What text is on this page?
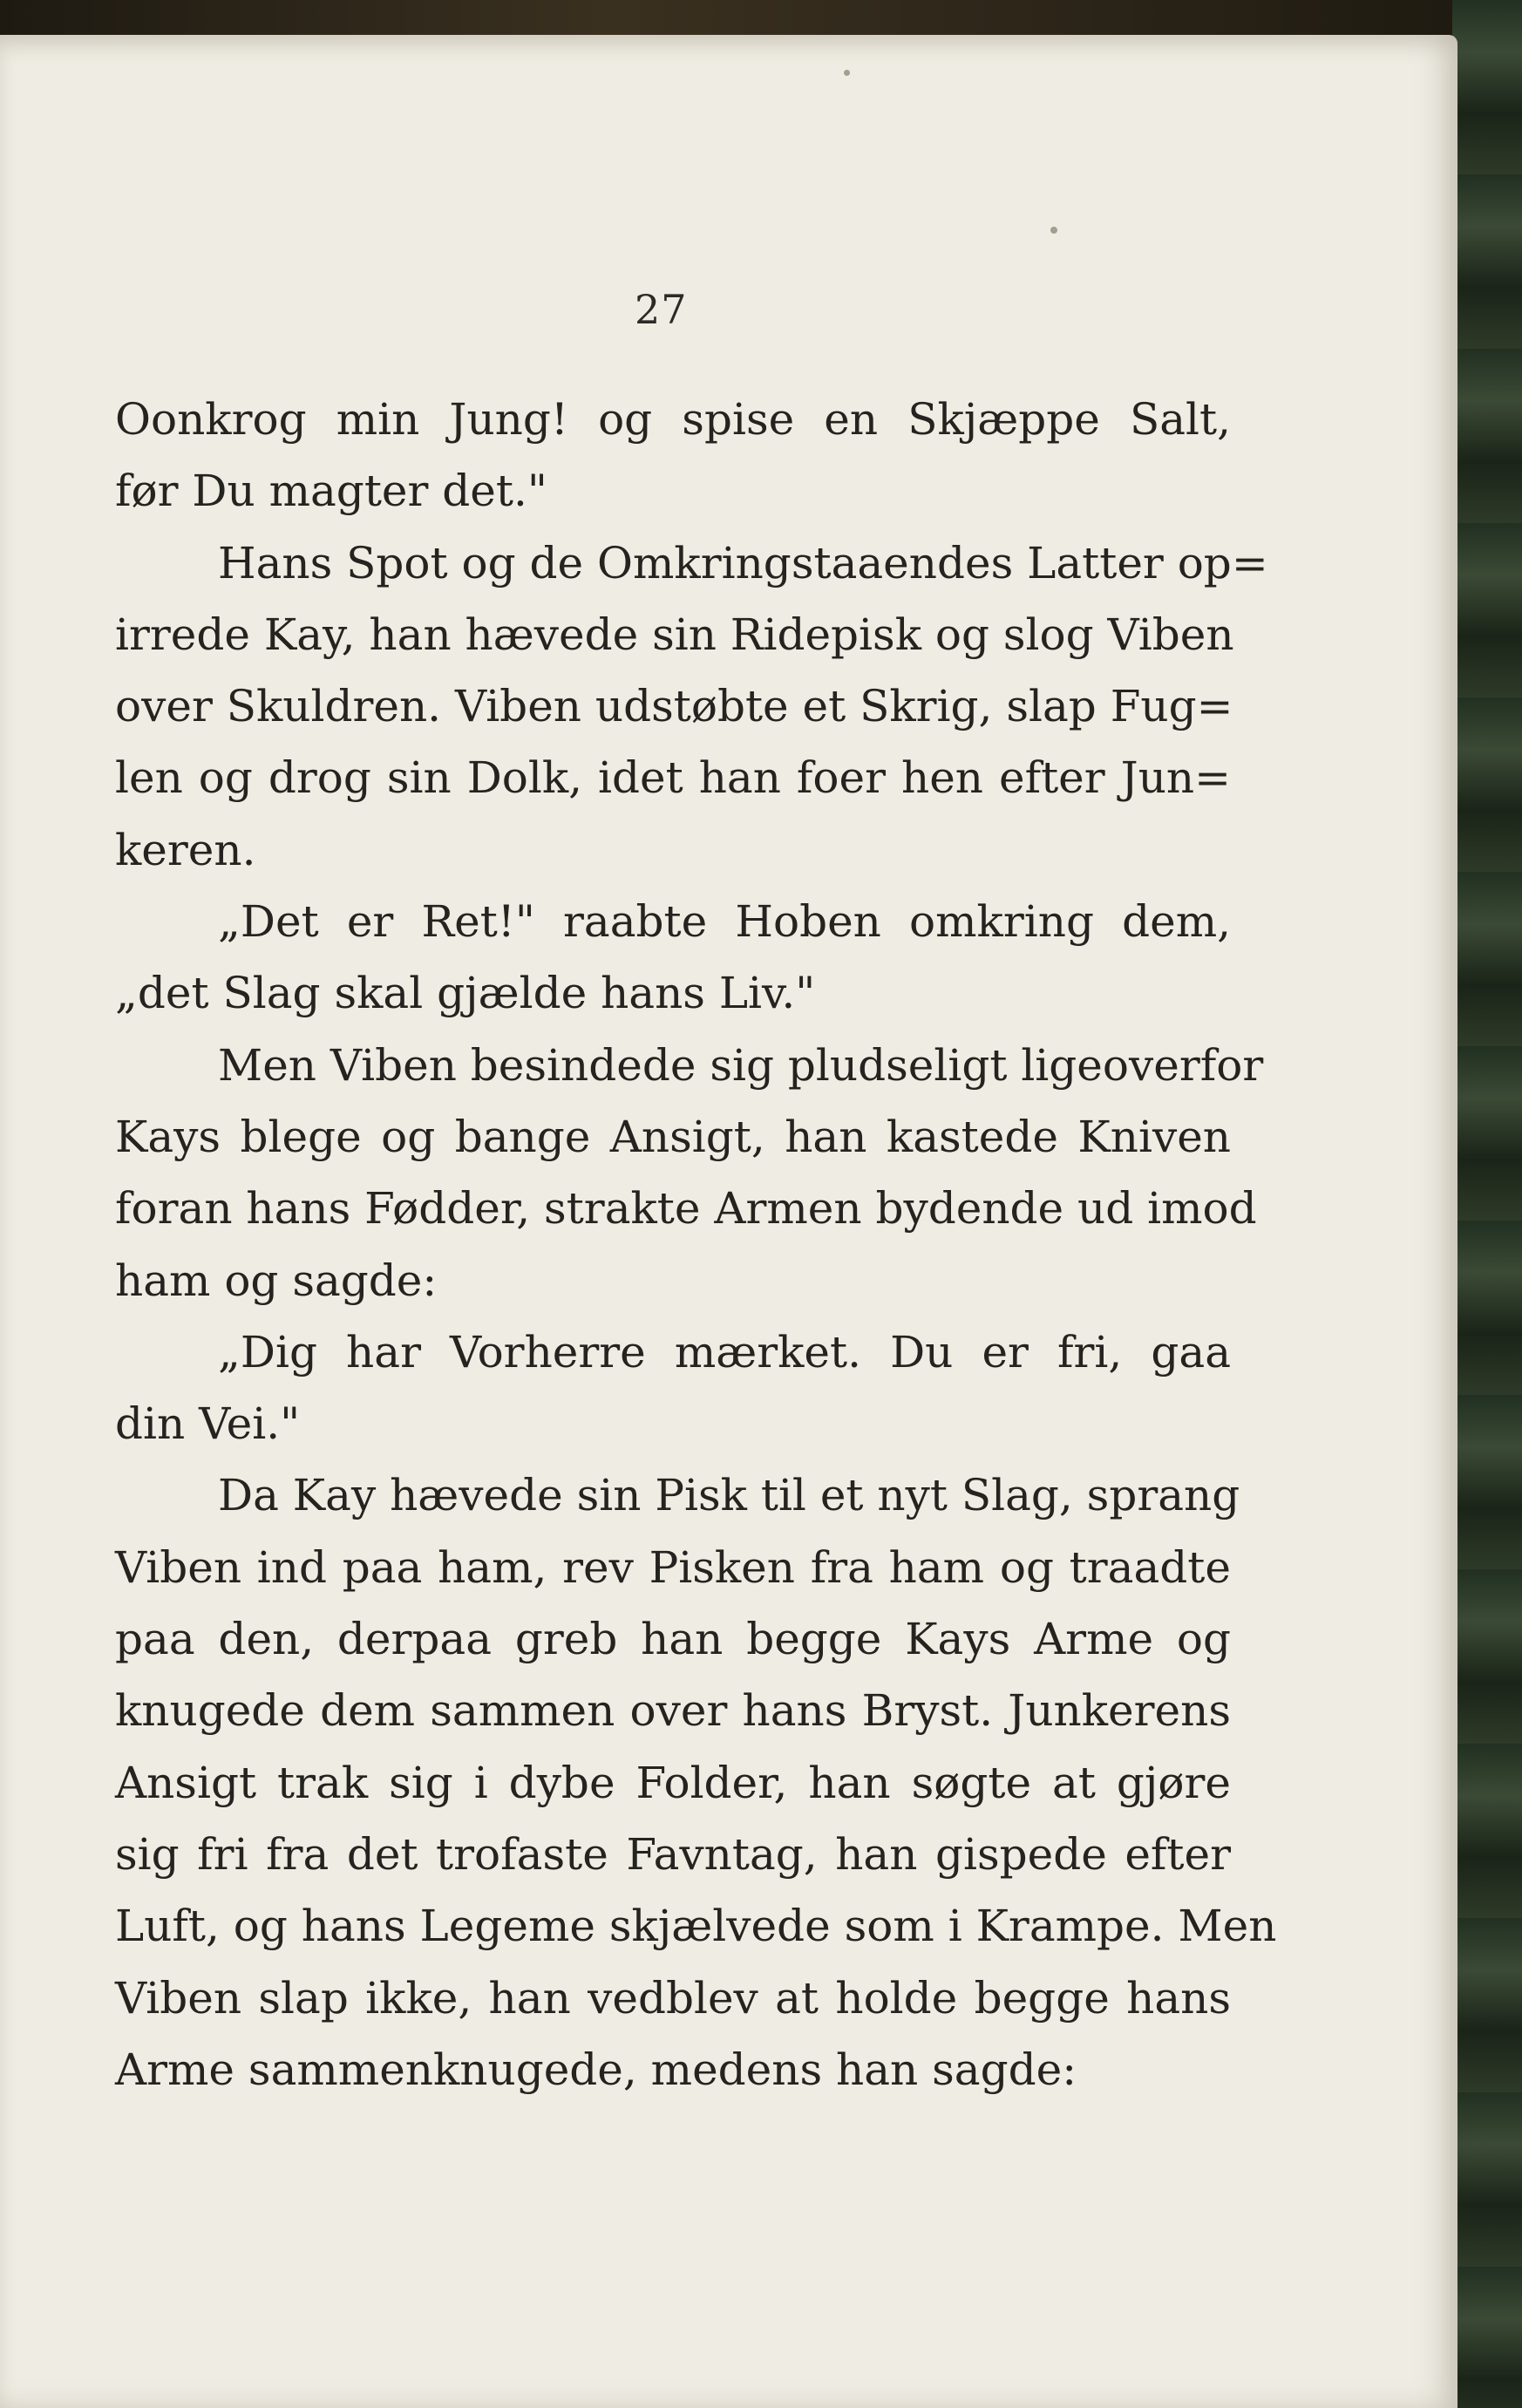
27
Oonkrog min Jung! og spise en Skjæppe Salt,
før Du magter det."
Hans Spot og de Omkringstaaendes Latter op=
irrede Kay, han hævede sin Ridepisk og slog Viben
over Skuldren. Viben udstøbte et Skrig, slap Fug=
len og drog sin Dolk, idet han foer hen efter Jun=
keren.
„Det er Ret!" raabte Hoben omkring dem,
„det Slag skal gjælde hans Liv."
Men Viben besindede sig pludseligt ligeoverfor
Kays blege og bange Ansigt, han kastede Kniven
foran hans Fødder, strakte Armen bydende ud imod
ham og sagde:
„Dig har Vorherre mærket. Du er fri, gaa
din Vei."
Da Kay hævede sin Pisk til et nyt Slag, sprang
Viben ind paa ham, rev Pisken fra ham og traadte
paa den, derpaa greb han begge Kays Arme og
knugede dem sammen over hans Bryst. Junkerens
Ansigt trak sig i dybe Folder, han søgte at gjøre
sig fri fra det trofaste Favntag, han gispede efter
Luft, og hans Legeme skjælvede som i Krampe. Men
Viben slap ikke, han vedblev at holde begge hans
Arme sammenknugede, medens han sagde:
